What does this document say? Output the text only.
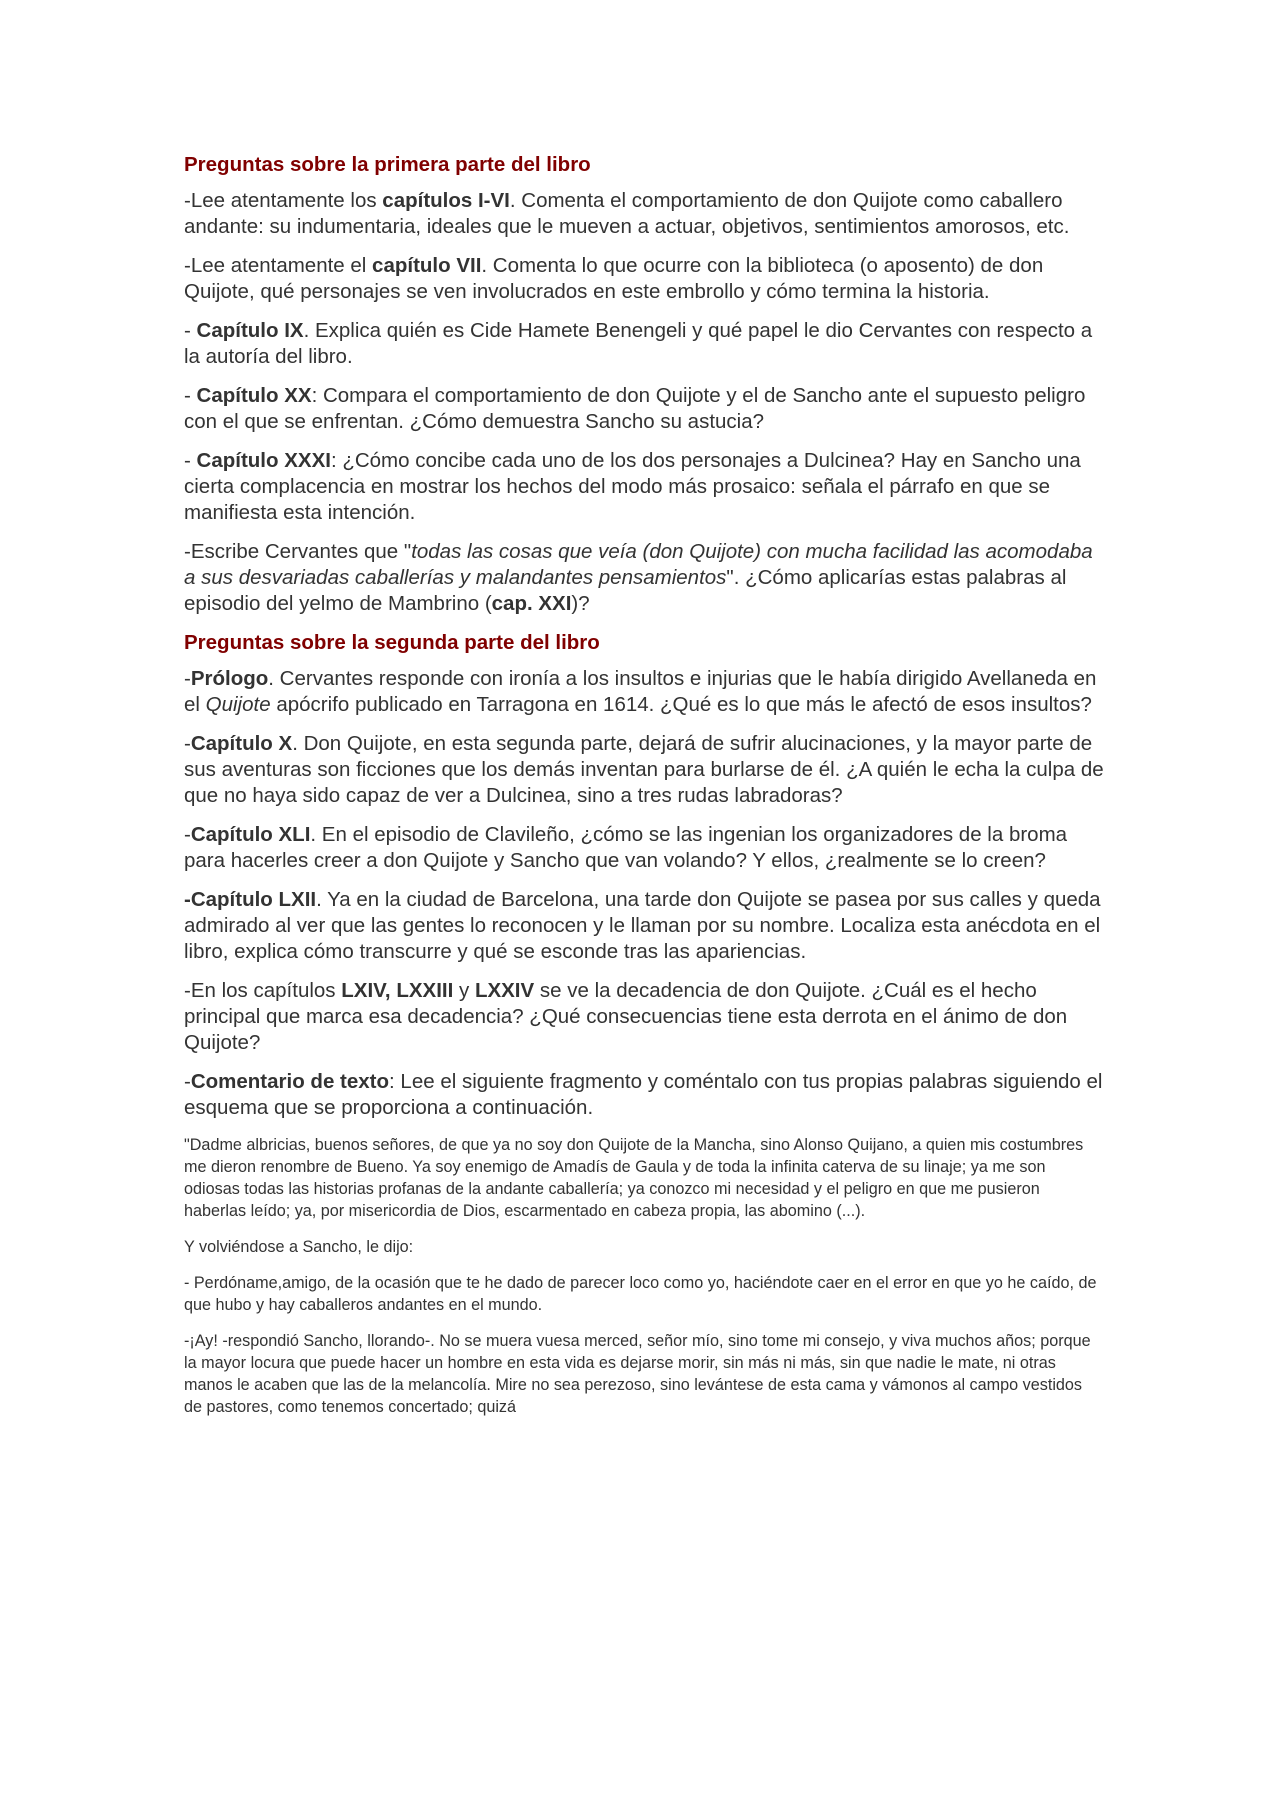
Preguntas sobre la primera parte del libro

-Lee atentamente los capítulos I-VI. Comenta el comportamiento de don Quijote como caballero andante: su indumentaria, ideales que le mueven a actuar, objetivos, sentimientos amorosos, etc.

-Lee atentamente el capítulo VII. Comenta lo que ocurre con la biblioteca (o aposento) de don Quijote, qué personajes se ven involucrados en este embrollo y cómo termina la historia.

- Capítulo IX. Explica quién es Cide Hamete Benengeli y qué papel le dio Cervantes con respecto a la autoría del libro.

- Capítulo XX: Compara el comportamiento de don Quijote y el de Sancho ante el supuesto peligro con el que se enfrentan. ¿Cómo demuestra Sancho su astucia?

- Capítulo XXXI: ¿Cómo concibe cada uno de los dos personajes a Dulcinea? Hay en Sancho una cierta complacencia en mostrar los hechos del modo más prosaico: señala el párrafo en que se manifiesta esta intención.

-Escribe Cervantes que "todas las cosas que veía (don Quijote) con mucha facilidad las acomodaba a sus desvariadas caballerías y malandantes pensamientos". ¿Cómo aplicarías estas palabras al episodio del yelmo de Mambrino (cap. XXI)?

Preguntas sobre la segunda parte del libro

-Prólogo. Cervantes responde con ironía a los insultos e injurias que le había dirigido Avellaneda en el Quijote apócrifo publicado en Tarragona en 1614. ¿Qué es lo que más le afectó de esos insultos?

-Capítulo X. Don Quijote, en esta segunda parte, dejará de sufrir alucinaciones, y la mayor parte de sus aventuras son ficciones que los demás inventan para burlarse de él. ¿A quién le echa la culpa de que no haya sido capaz de ver a Dulcinea, sino a tres rudas labradoras?

-Capítulo XLI. En el episodio de Clavileño, ¿cómo se las ingenian los organizadores de la broma para hacerles creer a don Quijote y Sancho que van volando? Y ellos, ¿realmente se lo creen?

-Capítulo LXII. Ya en la ciudad de Barcelona, una tarde don Quijote se pasea por sus calles y queda admirado al ver que las gentes lo reconocen y le llaman por su nombre. Localiza esta anécdota en el libro, explica cómo transcurre y qué se esconde tras las apariencias.

-En los capítulos LXIV, LXXIII y LXXIV se ve la decadencia de don Quijote. ¿Cuál es el hecho principal que marca esa decadencia? ¿Qué consecuencias tiene esta derrota en el ánimo de don Quijote?

-Comentario de texto: Lee el siguiente fragmento y coméntalo con tus propias palabras siguiendo el esquema que se proporciona a continuación.

"Dadme albricias, buenos señores, de que ya no soy don Quijote de la Mancha, sino Alonso Quijano, a quien mis costumbres me dieron renombre de Bueno. Ya soy enemigo de Amadís de Gaula y de toda la infinita caterva de su linaje; ya me son odiosas todas las historias profanas de la andante caballería; ya conozco mi necesidad y el peligro en que me pusieron haberlas leído; ya, por misericordia de Dios, escarmentado en cabeza propia, las abomino (...).

Y volviéndose a Sancho, le dijo:

- Perdóname,amigo, de la ocasión que te he dado de parecer loco como yo, haciéndote caer en el error en que yo he caído, de que hubo y hay caballeros andantes en el mundo.

-¡Ay! -respondió Sancho, llorando-. No se muera vuesa merced, señor mío, sino tome mi consejo, y viva muchos años; porque la mayor locura que puede hacer un hombre en esta vida es dejarse morir, sin más ni más, sin que nadie le mate, ni otras manos le acaben que las de la melancolía. Mire no sea perezoso, sino levántese de esta cama y vámonos al campo vestidos de pastores, como tenemos concertado; quizá
